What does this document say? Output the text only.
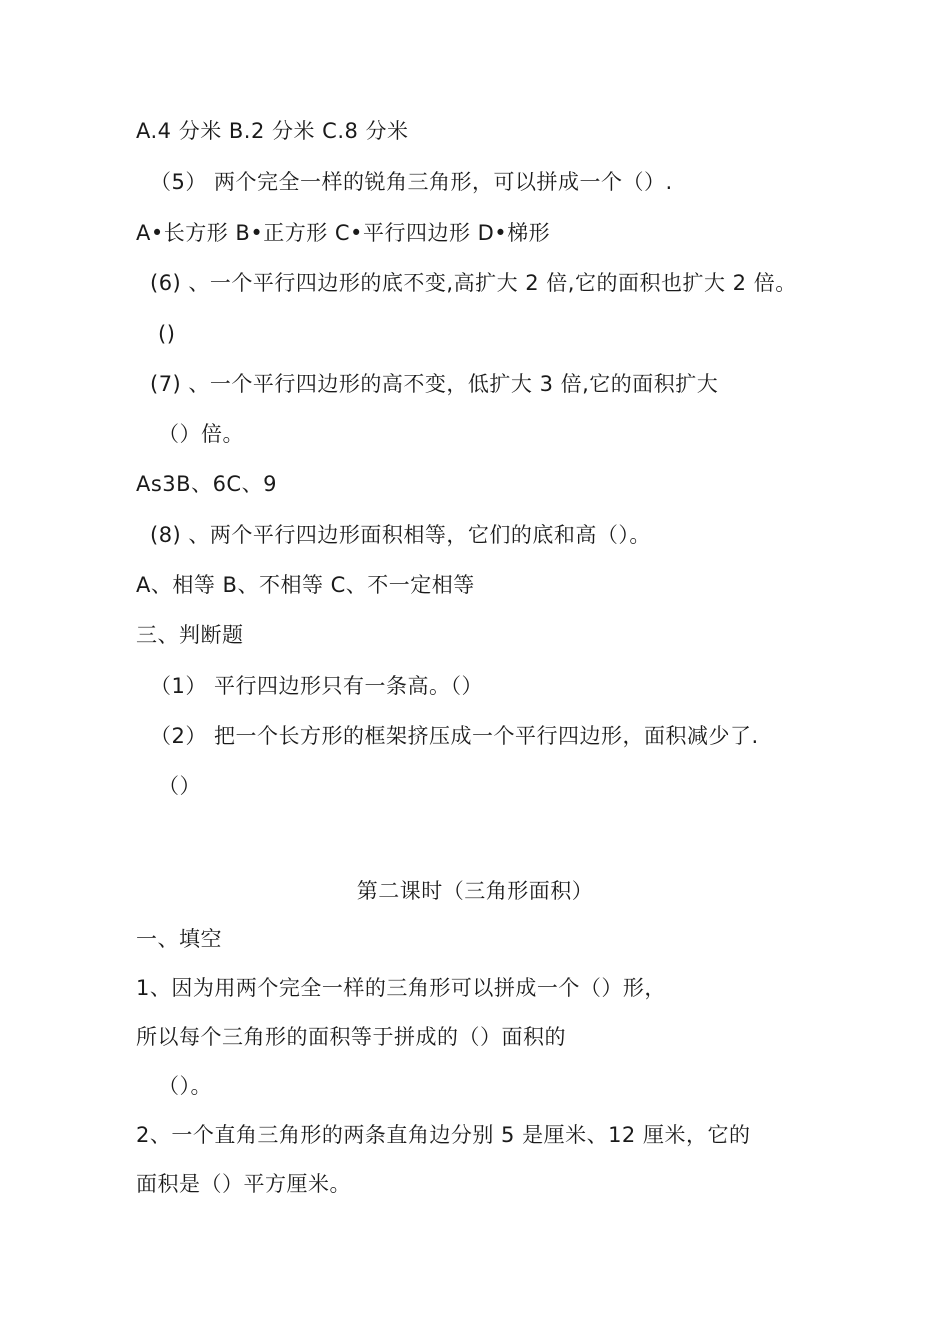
A.4 分米 B.2 分米 C.8 分米
（5） 两个完全一样的锐角三角形，可以拼成一个（）.
A•长方形 B•正方形 C•平行四边形 D•梯形
(6) 、一个平行四边形的底不变,高扩大 2 倍,它的面积也扩大 2 倍。
()
(7) 、一个平行四边形的高不变，低扩大 3 倍,它的面积扩大
（）倍。
As3B、6C、9
(8) 、两个平行四边形面积相等，它们的底和高（）。
A、相等 B、不相等 C、不一定相等
三、判断题
（1） 平行四边形只有一条高。（）
（2） 把一个长方形的框架挤压成一个平行四边形，面积减少了.
（）
第二课时（三角形面积）
一、填空
1、因为用两个完全一样的三角形可以拼成一个（）形，
所以每个三角形的面积等于拼成的（）面积的
（）。
2、一个直角三角形的两条直角边分别 5 是厘米、12 厘米，它的
面积是（）平方厘米。
